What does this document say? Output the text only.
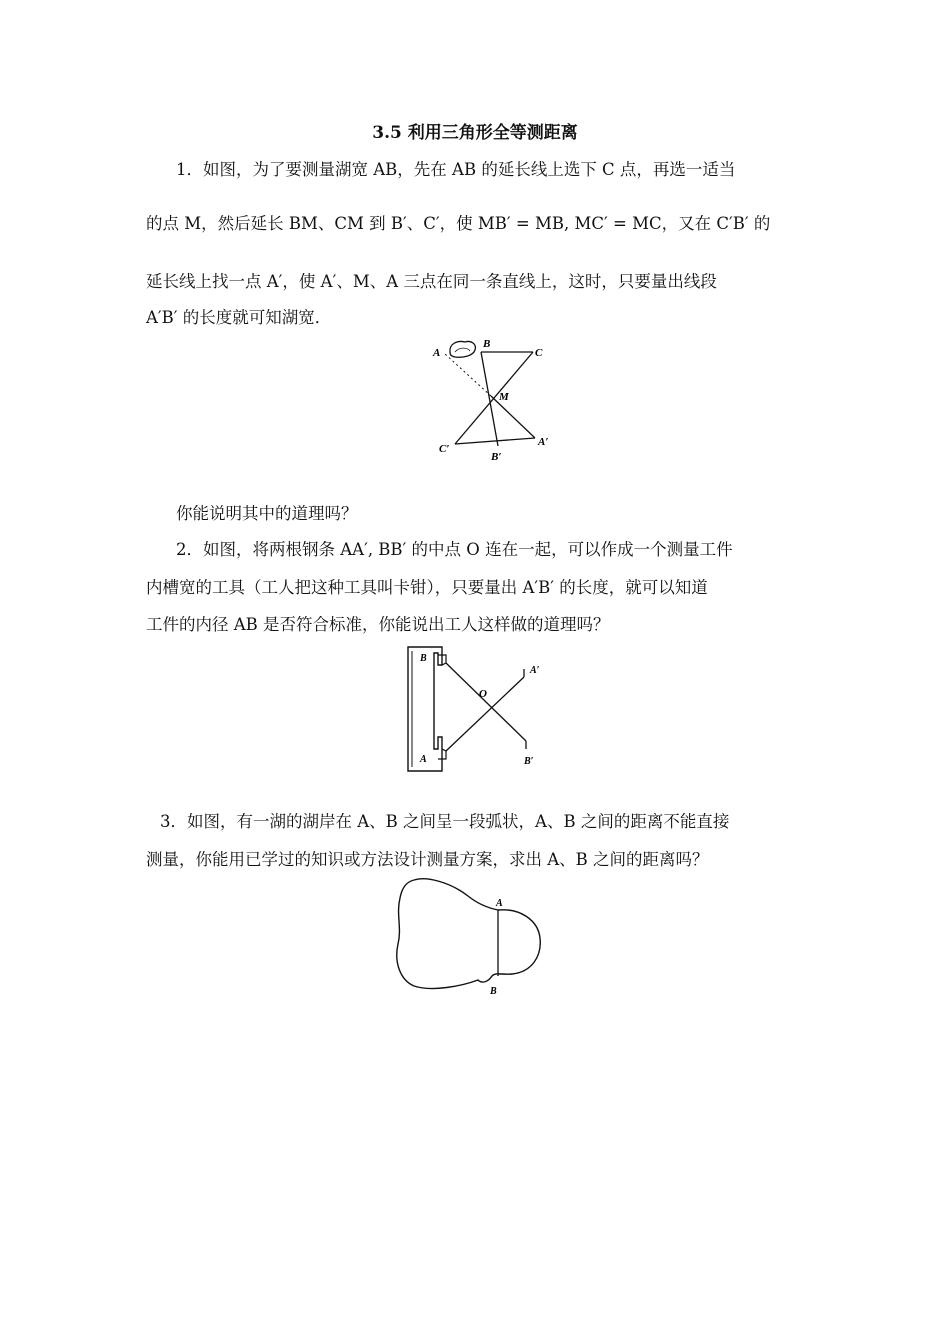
3.5 利用三角形全等测距离
1．如图，为了要测量湖宽 AB，先在 AB 的延长线上选下 C 点，再选一适当
的点 M，然后延长 BM、CM 到 B′、C′，使 MB′ = MB, MC′ = MC，又在 C′B′ 的
延长线上找一点 A′，使 A′、M、A 三点在同一条直线上，这时，只要量出线段
A′B′ 的长度就可知湖宽．
A
B
C
M
C′
B′
A′
你能说明其中的道理吗？
2．如图，将两根钢条 AA′, BB′ 的中点 O 连在一起，可以作成一个测量工件
内槽宽的工具（工人把这种工具叫卡钳），只要量出 A′B′ 的长度，就可以知道
工件的内径 AB 是否符合标准，你能说出工人这样做的道理吗？
B
A
O
A′
B′
3．如图，有一湖的湖岸在 A、B 之间呈一段弧状，A、B 之间的距离不能直接
测量，你能用已学过的知识或方法设计测量方案，求出 A、B 之间的距离吗？
A
B
